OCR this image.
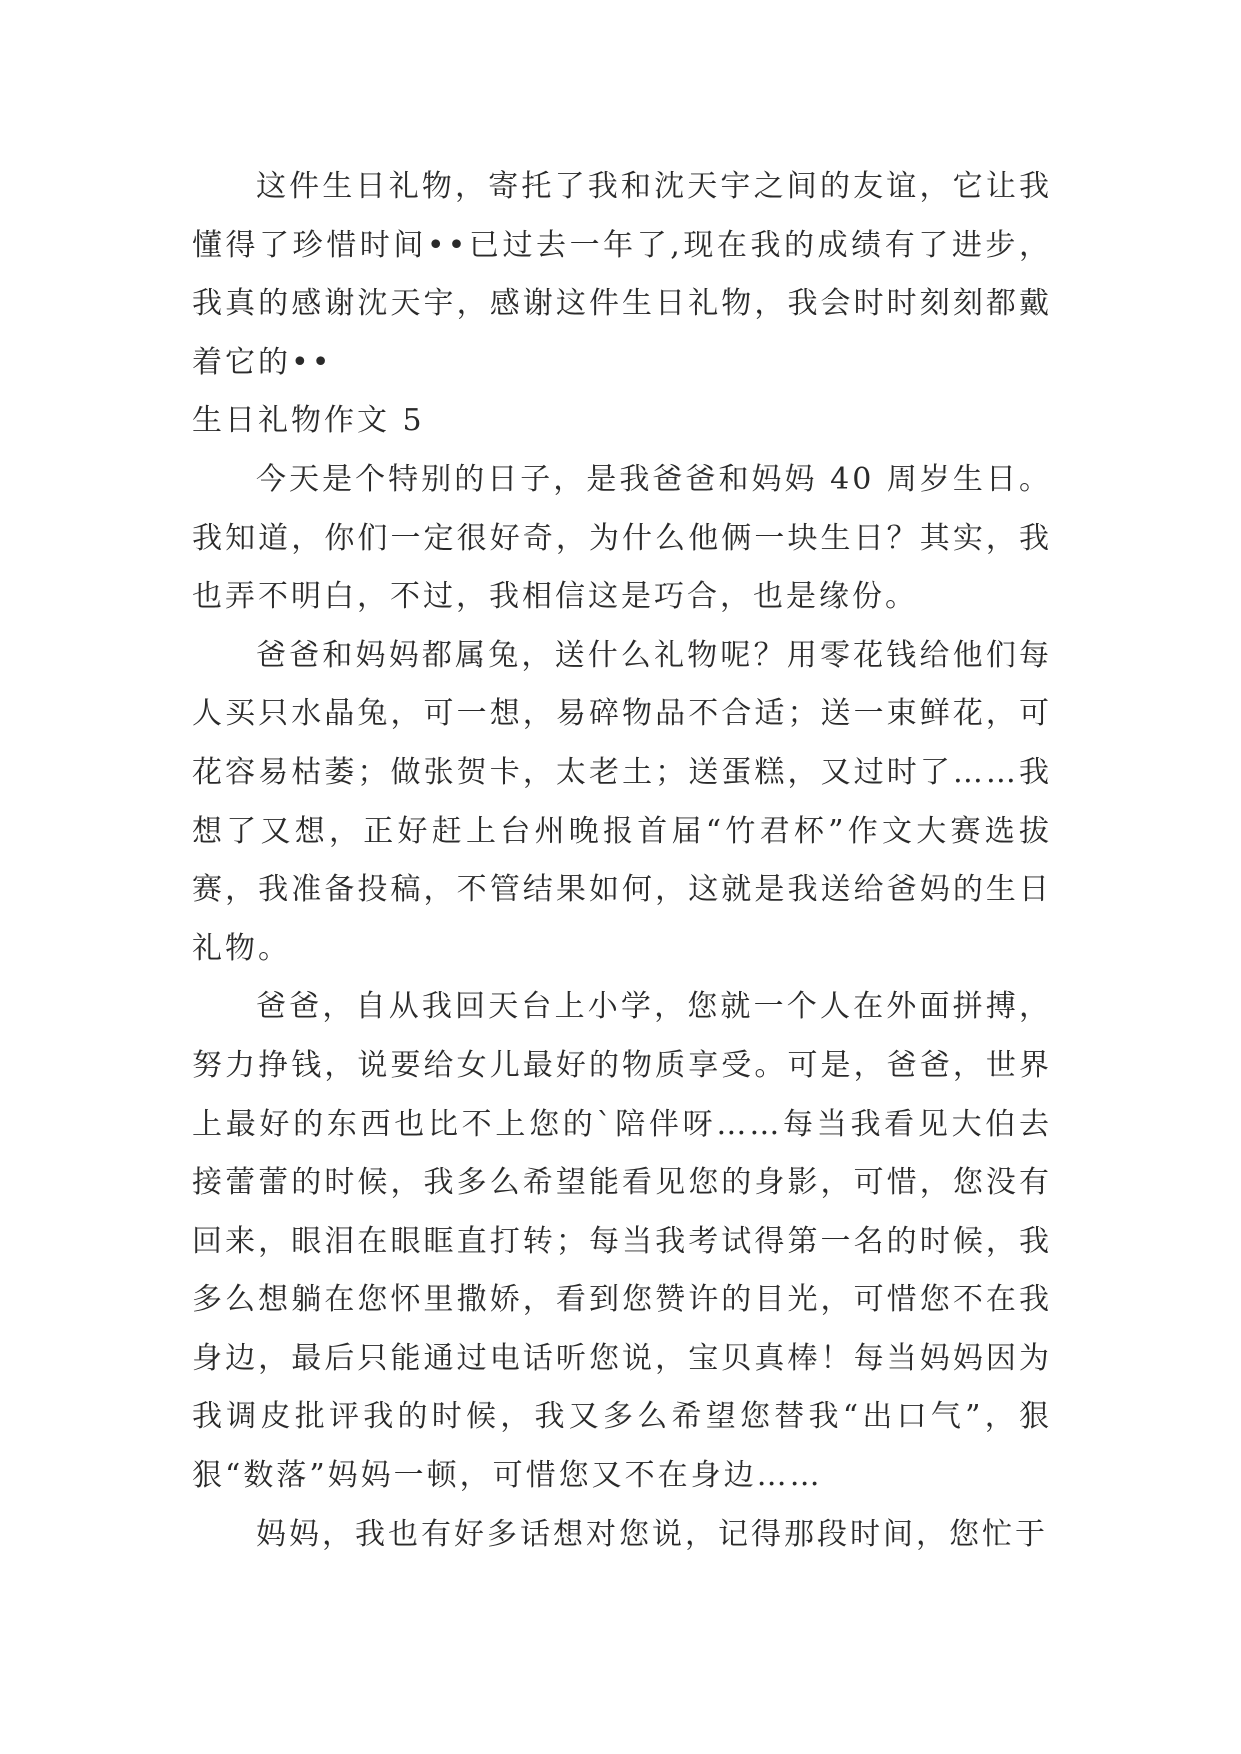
这件生日礼物，寄托了我和沈天宇之间的友谊，它让我懂得了珍惜时间••已过去一年了,现在我的成绩有了进步，我真的感谢沈天宇，感谢这件生日礼物，我会时时刻刻都戴着它的••

生日礼物作文 5

今天是个特别的日子，是我爸爸和妈妈 40 周岁生日。我知道，你们一定很好奇，为什么他俩一块生日？其实，我也弄不明白，不过，我相信这是巧合，也是缘份。

爸爸和妈妈都属兔，送什么礼物呢？用零花钱给他们每人买只水晶兔，可一想，易碎物品不合适；送一束鲜花，可花容易枯萎；做张贺卡，太老土；送蛋糕，又过时了……我想了又想，正好赶上台州晚报首届“竹君杯”作文大赛选拔赛，我准备投稿，不管结果如何，这就是我送给爸妈的生日礼物。

爸爸，自从我回天台上小学，您就一个人在外面拼搏，努力挣钱，说要给女儿最好的物质享受。可是，爸爸，世界上最好的东西也比不上您的`陪伴呀……每当我看见大伯去接蕾蕾的时候，我多么希望能看见您的身影，可惜，您没有回来，眼泪在眼眶直打转；每当我考试得第一名的时候，我多么想躺在您怀里撒娇，看到您赞许的目光，可惜您不在我身边，最后只能通过电话听您说，宝贝真棒！每当妈妈因为我调皮批评我的时候，我又多么希望您替我“出口气”，狠狠“数落”妈妈一顿，可惜您又不在身边……

妈妈，我也有好多话想对您说，记得那段时间，您忙于
